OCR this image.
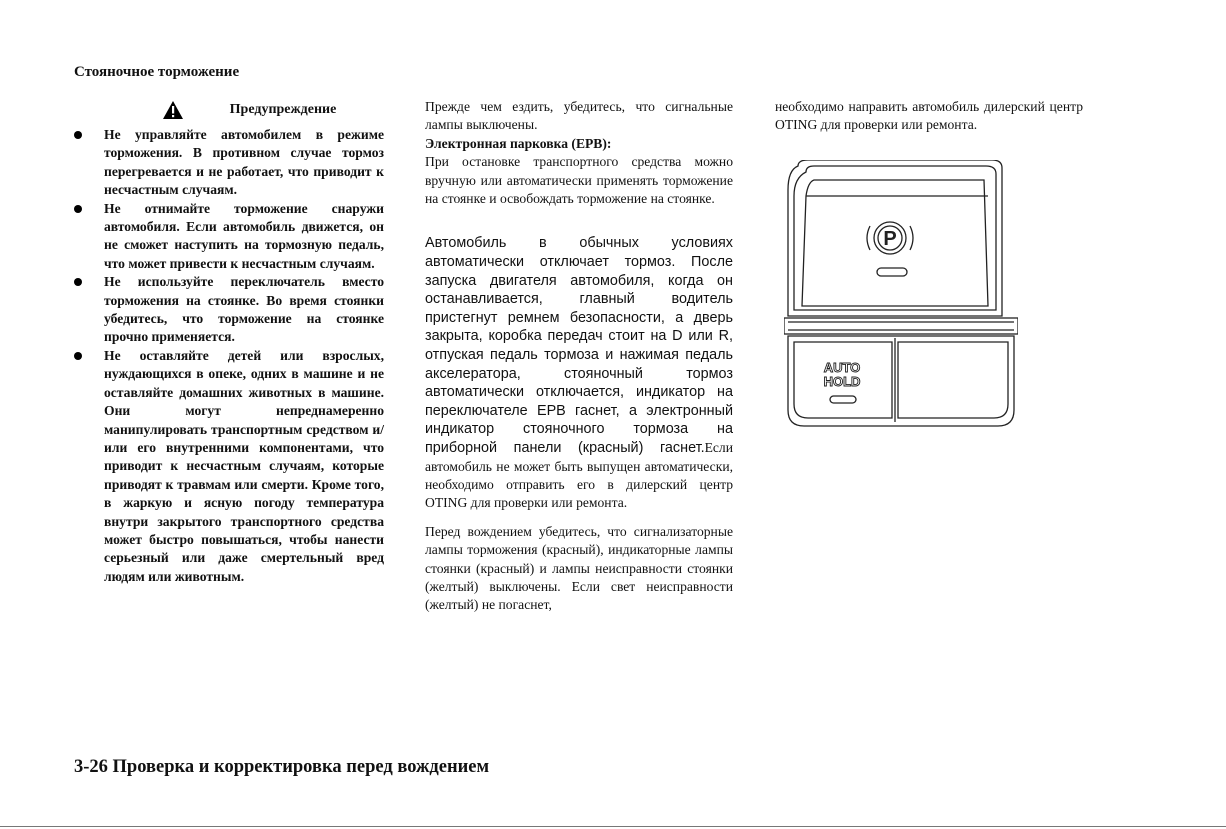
Стояночное торможение
Предупреждение
Не управляйте автомобилем в режиме торможения. В противном случае тормоз перегревается и не работает, что приводит к несчастным случаям.
Не отнимайте торможение снаружи автомобиля. Если автомобиль движется, он не сможет наступить на тормозную педаль, что может привести к несчастным случаям.
Не используйте переключатель вместо торможения на стоянке. Во время стоянки убедитесь, что торможение на стоянке прочно применяется.
Не оставляйте детей или взрослых, нуждающихся в опеке, одних в машине и не оставляйте домашних животных в машине. Они могут непреднамеренно манипулировать транспортным средством и/или его внутренними компонентами, что приводит к несчастным случаям, которые приводят к травмам или смерти. Кроме того, в жаркую и ясную погоду температура внутри закрытого транспортного средства может быстро повышаться, чтобы нанести серьезный или даже смертельный вред людям или животным.

Прежде чем ездить, убедитесь, что сигнальные лампы выключены.

Электронная парковка (EPB):

При остановке транспортного средства можно вручную или автоматически применять торможение на стоянке и освобождать торможение на стоянке.

Автомобиль в обычных условиях автоматически отключает тормоз. После запуска двигателя автомобиля, когда он останавливается, главный водитель пристегнут ремнем безопасности, а дверь закрыта, коробка передач стоит на D или R, отпуская педаль тормоза и нажимая педаль акселератора, стояночный тормоз автоматически отключается, индикатор на переключателе EPB гаснет, а электронный индикатор стояночного тормоза на приборной панели (красный) гаснет.Если автомобиль не может быть выпущен автоматически, необходимо отправить его в дилерский центр OTING для проверки или ремонта.

Перед вождением убедитесь, что сигнализаторные лампы торможения (красный), индикаторные лампы стоянки (красный) и лампы неисправности стоянки (желтый) выключены. Если свет неисправности (желтый) не погаснет,

необходимо направить автомобиль дилерский центр OTING для проверки или ремонта.

P
AUTO
HOLD
3-26 Проверка и корректировка перед вождением
